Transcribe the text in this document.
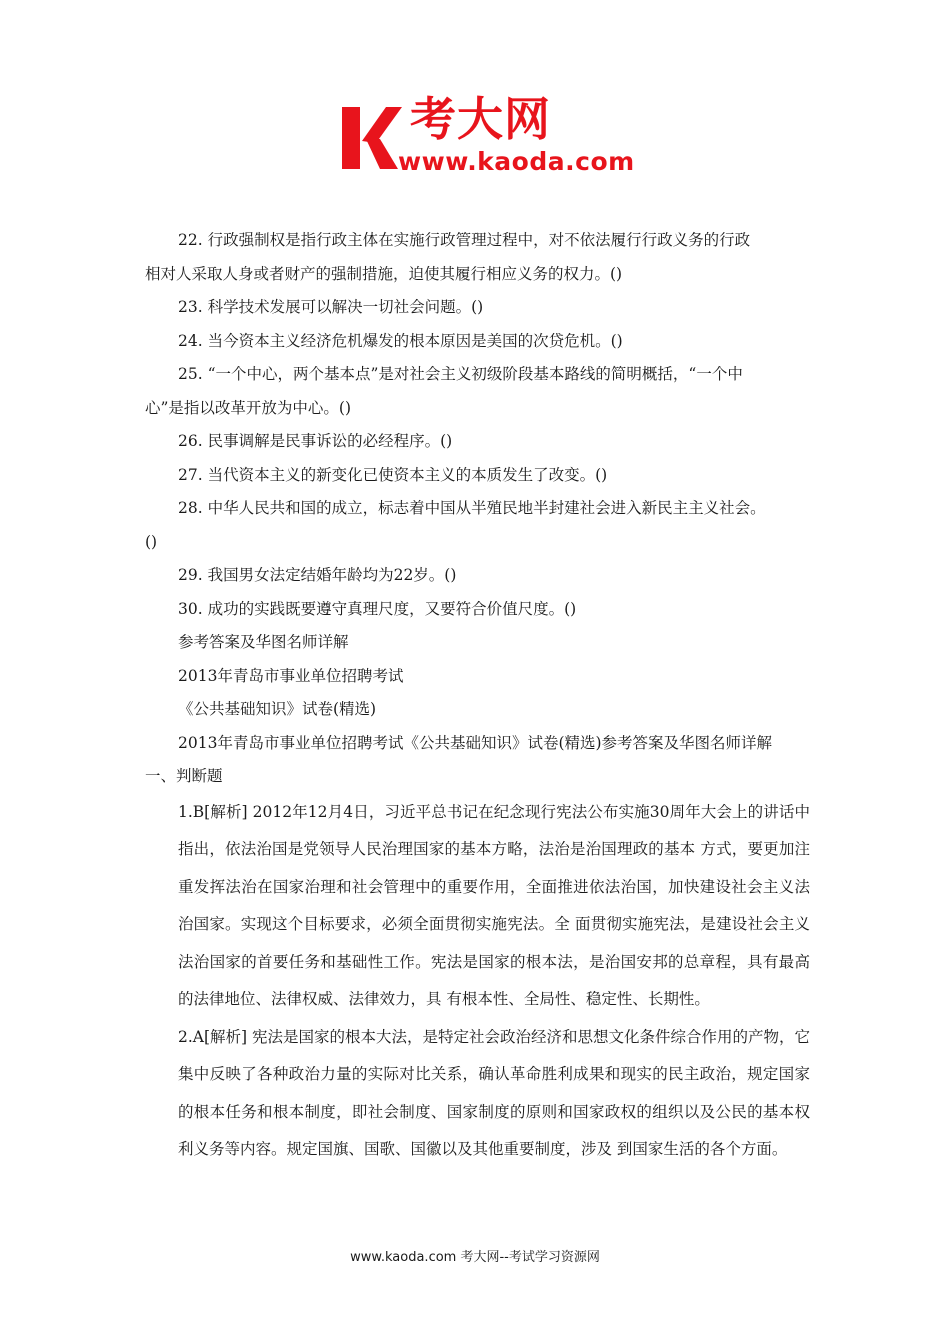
考大网
www.kaoda.com

22. 行政强制权是指行政主体在实施行政管理过程中，对不依法履行行政义务的行政

相对人采取人身或者财产的强制措施，迫使其履行相应义务的权力。()

23. 科学技术发展可以解决一切社会问题。()

24. 当今资本主义经济危机爆发的根本原因是美国的次贷危机。()

25. “一个中心，两个基本点”是对社会主义初级阶段基本路线的简明概括，“一个中

心”是指以改革开放为中心。()

26. 民事调解是民事诉讼的必经程序。()

27. 当代资本主义的新变化已使资本主义的本质发生了改变。()

28. 中华人民共和国的成立，标志着中国从半殖民地半封建社会进入新民主主义社会。

()

29. 我国男女法定结婚年龄均为22岁。()

30. 成功的实践既要遵守真理尺度，又要符合价值尺度。()

参考答案及华图名师详解

2013年青岛市事业单位招聘考试

《公共基础知识》试卷(精选)

2013年青岛市事业单位招聘考试《公共基础知识》试卷(精选)参考答案及华图名师详解

一、判断题

1.B[解析] 2012年12月4日，习近平总书记在纪念现行宪法公布实施30周年大会上的讲话中指出，依法治国是党领导人民治理国家的基本方略，法治是治国理政的基本 方式，要更加注重发挥法治在国家治理和社会管理中的重要作用，全面推进依法治国，加快建设社会主义法治国家。实现这个目标要求，必须全面贯彻实施宪法。全 面贯彻实施宪法，是建设社会主义法治国家的首要任务和基础性工作。宪法是国家的根本法，是治国安邦的总章程，具有最高的法律地位、法律权威、法律效力，具 有根本性、全局性、稳定性、长期性。

2.A[解析] 宪法是国家的根本大法，是特定社会政治经济和思想文化条件综合作用的产物，它集中反映了各种政治力量的实际对比关系，确认革命胜利成果和现实的民主政治，规定国家的根本任务和根本制度，即社会制度、国家制度的原则和国家政权的组织以及公民的基本权利义务等内容。规定国旗、国歌、国徽以及其他重要制度，涉及 到国家生活的各个方面。

www.kaoda.com 考大网--考试学习资源网
